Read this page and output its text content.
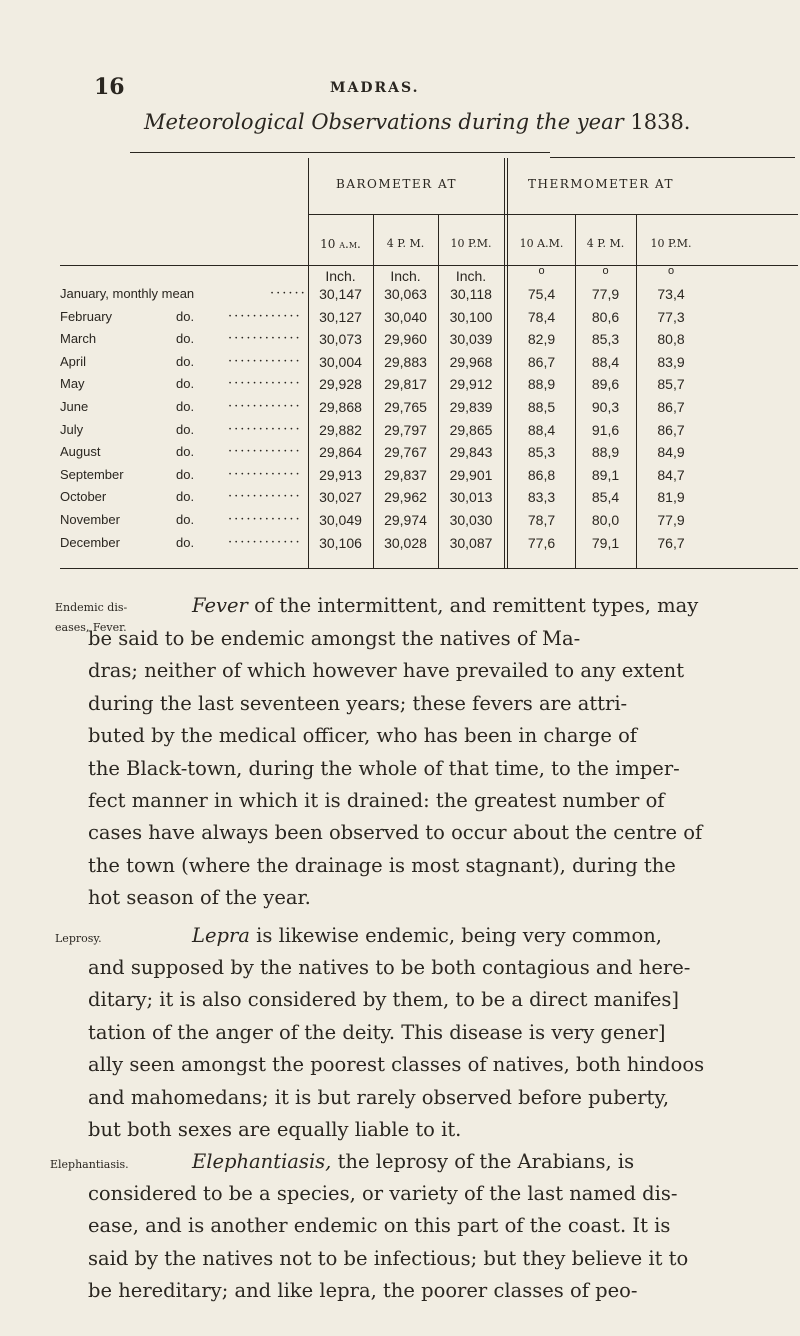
16	MADRAS.
Meteorological Observations during the year 1838.
BAROMETER AT	THERMOMETER AT
10 a.m.	4 P. M.	10 P.M.	10 A.M.	4 P. M.	10 P.M.
Inch.	Inch.	Inch.	o	o	o
January, monthly mean	······ 30,147	30,063	30,118	75,4	77,9	73,4
February	do.	············	30,127	30,040	30,100	78,4	80,6	77,3
March	do.	············	30,073	29,960	30,039	82,9	85,3	80,8
April	do.	············	30,004	29,883	29,968	86,7	88,4	83,9
May	do.	············	29,928	29,817	29,912	88,9	89,6	85,7
June	do.	············	29,868	29,765	29,839	88,5	90,3	86,7
July	do.	············	29,882	29,797	29,865	88,4	91,6	86,7
August	do.	············	29,864	29,767	29,843	85,3	88,9	84,9
September	do.	············	29,913	29,837	29,901	86,8	89,1	84,7
October	do.	············	30,027	29,962	30,013	83,3	85,4	81,9
November	do.	············	30,049	29,974	30,030	78,7	80,0	77,9
December	do.	············	30,106	30,028	30,087	77,6	79,1	76,7
Endemic dis-
eases, Fever.
Leprosy.
Elephantiasis.
Fever of the intermittent, and remittent types, may
be said to be endemic amongst the natives of Ma-
dras; neither of which however have prevailed to any extent
during the last seventeen years; these fevers are attri-
buted by the medical officer, who has been in charge of
the Black-town, during the whole of that time, to the imper-
fect manner in which it is drained: the greatest number of
cases have always been observed to occur about the centre of
the town (where the drainage is most stagnant), during the
hot season of the year.
Lepra is likewise endemic, being very common,
and supposed by the natives to be both contagious and here-
ditary; it is also considered by them, to be a direct manifes]
tation of the anger of the deity. This disease is very gener]
ally seen amongst the poorest classes of natives, both hindoos
and mahomedans; it is but rarely observed before puberty,
but both sexes are equally liable to it.
Elephantiasis, the leprosy of the Arabians, is
considered to be a species, or variety of the last named dis-
ease, and is another endemic on this part of the coast. It is
said by the natives not to be infectious; but they believe it to
be hereditary; and like lepra, the poorer classes of peo-
